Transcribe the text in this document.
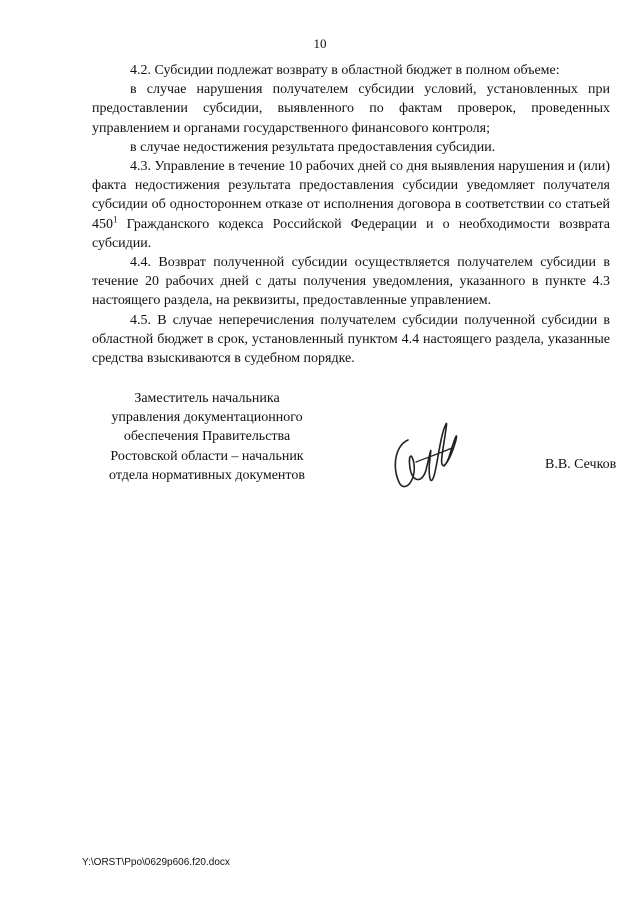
10

4.2. Субсидии подлежат возврату в областной бюджет в полном объеме:

в случае нарушения получателем субсидии условий, установленных при предоставлении субсидии, выявленного по фактам проверок, проведенных управлением и органами государственного финансового контроля;

в случае недостижения результата предоставления субсидии.

4.3. Управление в течение 10 рабочих дней со дня выявления нарушения и (или) факта недостижения результата предоставления субсидии уведомляет получателя субсидии об одностороннем отказе от исполнения договора в соответствии со статьей $450^1$ Гражданского кодекса Российской Федерации и о необходимости возврата субсидии.

4.4. Возврат полученной субсидии осуществляется получателем субсидии в течение 20 рабочих дней с даты получения уведомления, указанного в пункте 4.3 настоящего раздела, на реквизиты, предоставленные управлением.

4.5. В случае неперечисления получателем субсидии полученной субсидии в областной бюджет в срок, установленный пунктом 4.4 настоящего раздела, указанные средства взыскиваются в судебном порядке.

Заместитель начальника
управления документационного
обеспечения Правительства
Ростовской области – начальник
отдела нормативных документов
В.В. Сечков
Y:\ORST\Ppo\0629p606.f20.docx
